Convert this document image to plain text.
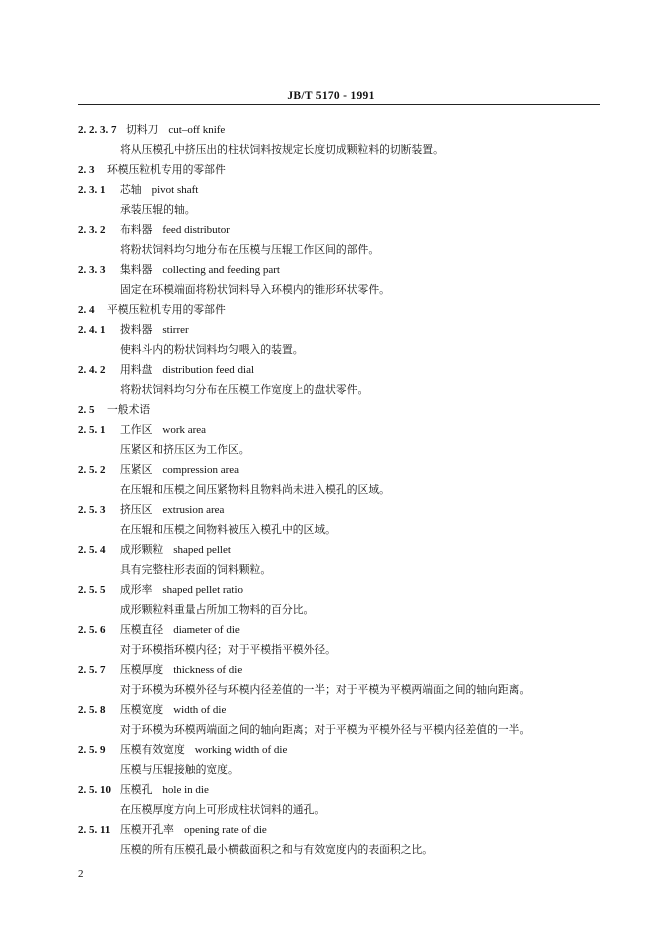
JB/T 5170 - 1991
2. 2. 3. 7 切料刀 cut–off knife
将从压模孔中挤压出的柱状饲料按规定长度切成颗粒料的切断装置。
2. 3 环模压粒机专用的零部件
2. 3. 1 芯轴 pivot shaft
承装压辊的轴。
2. 3. 2 布料器 feed distributor
将粉状饲料均匀地分布在压模与压辊工作区间的部件。
2. 3. 3 集料器 collecting and feeding part
固定在环模端面将粉状饲料导入环模内的锥形环状零件。
2. 4 平模压粒机专用的零部件
2. 4. 1 拨料器 stirrer
使料斗内的粉状饲料均匀喂入的装置。
2. 4. 2 用料盘 distribution feed dial
将粉状饲料均匀分布在压模工作宽度上的盘状零件。
2. 5 一般术语
2. 5. 1 工作区 work area
压紧区和挤压区为工作区。
2. 5. 2 压紧区 compression area
在压辊和压模之间压紧物料且物料尚未进入模孔的区域。
2. 5. 3 挤压区 extrusion area
在压辊和压模之间物料被压入模孔中的区域。
2. 5. 4 成形颗粒 shaped pellet
具有完整柱形表面的饲料颗粒。
2. 5. 5 成形率 shaped pellet ratio
成形颗粒料重量占所加工物料的百分比。
2. 5. 6 压模直径 diameter of die
对于环模指环模内径；对于平模指平模外径。
2. 5. 7 压模厚度 thickness of die
对于环模为环模外径与环模内径差值的一半；对于平模为平模两端面之间的轴向距离。
2. 5. 8 压模宽度 width of die
对于环模为环模两端面之间的轴向距离；对于平模为平模外径与平模内径差值的一半。
2. 5. 9 压模有效宽度 working width of die
压模与压辊接触的宽度。
2. 5. 10 压模孔 hole in die
在压模厚度方向上可形成柱状饲料的通孔。
2. 5. 11 压模开孔率 opening rate of die
压模的所有压模孔最小横截面积之和与有效宽度内的表面积之比。
2
